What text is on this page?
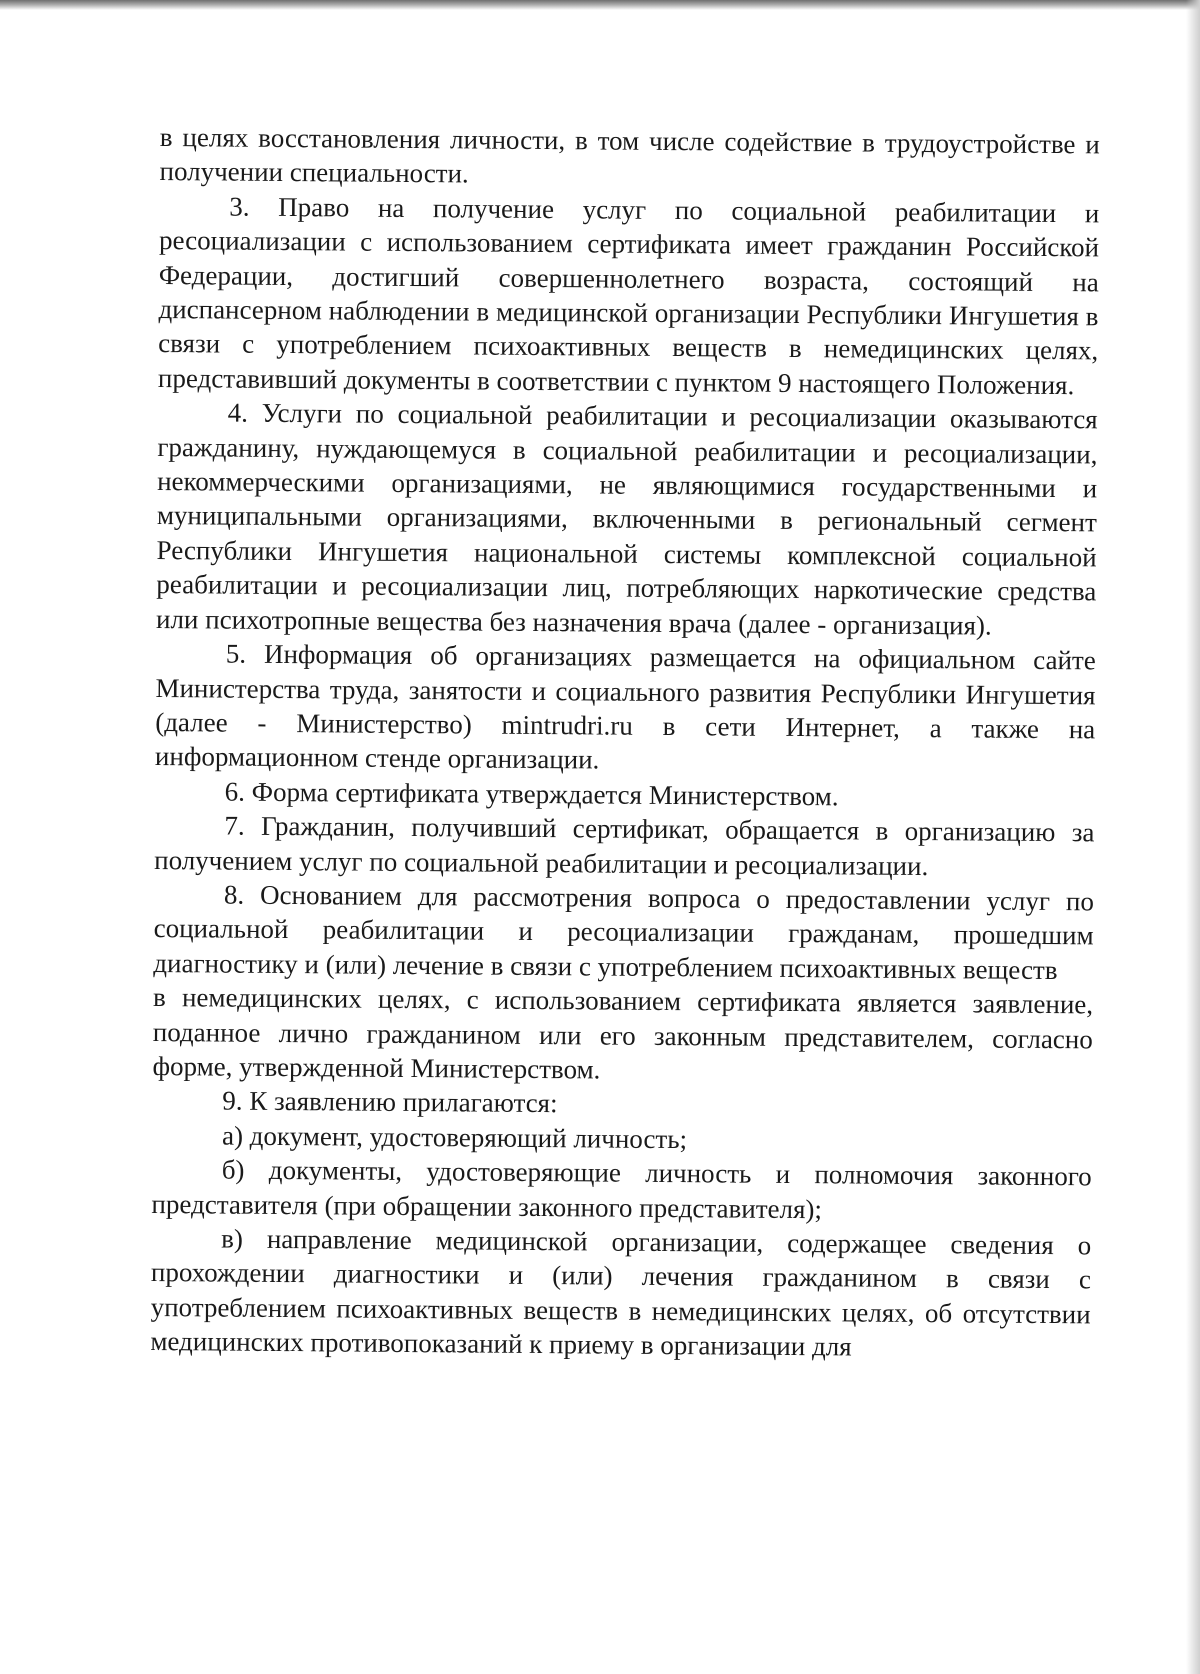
в целях восстановления личности, в том числе содействие в трудоустройстве и получении специальности.

3. Право на получение услуг по социальной реабилитации и ресоциализации с использованием сертификата имеет гражданин Российской Федерации, достигший совершеннолетнего возраста, состоящий на диспансерном наблюдении в медицинской организации Республики Ингушетия в связи с употреблением психоактивных веществ в немедицинских целях, представивший документы в соответствии с пунктом 9 настоящего Положения.

4. Услуги по социальной реабилитации и ресоциализации оказываются гражданину, нуждающемуся в социальной реабилитации и ресоциализации, некоммерческими организациями, не являющимися государственными и муниципальными организациями, включенными в региональный сегмент Республики Ингушетия национальной системы комплексной социальной реабилитации и ресоциализации лиц, потребляющих наркотические средства или психотропные вещества без назначения врача (далее - организация).

5. Информация об организациях размещается на официальном сайте Министерства труда, занятости и социального развития Республики Ингушетия (далее - Министерство) mintrudri.ru в сети Интернет, а также на информационном стенде организации.

6. Форма сертификата утверждается Министерством.

7. Гражданин, получивший сертификат, обращается в организацию за получением услуг по социальной реабилитации и ресоциализации.

8. Основанием для рассмотрения вопроса о предоставлении услуг по социальной реабилитации и ресоциализации гражданам, прошедшим диагностику и (или) лечение в связи с употреблением психоактивных веществ

в немедицинских целях, с использованием сертификата является заявление, поданное лично гражданином или его законным представителем, согласно форме, утвержденной Министерством.

9. К заявлению прилагаются:

а) документ, удостоверяющий личность;

б) документы, удостоверяющие личность и полномочия законного представителя (при обращении законного представителя);

в) направление медицинской организации, содержащее сведения о прохождении диагностики и (или) лечения гражданином в связи с употреблением психоактивных веществ в немедицинских целях, об отсутствии медицинских противопоказаний к приему в организации для
